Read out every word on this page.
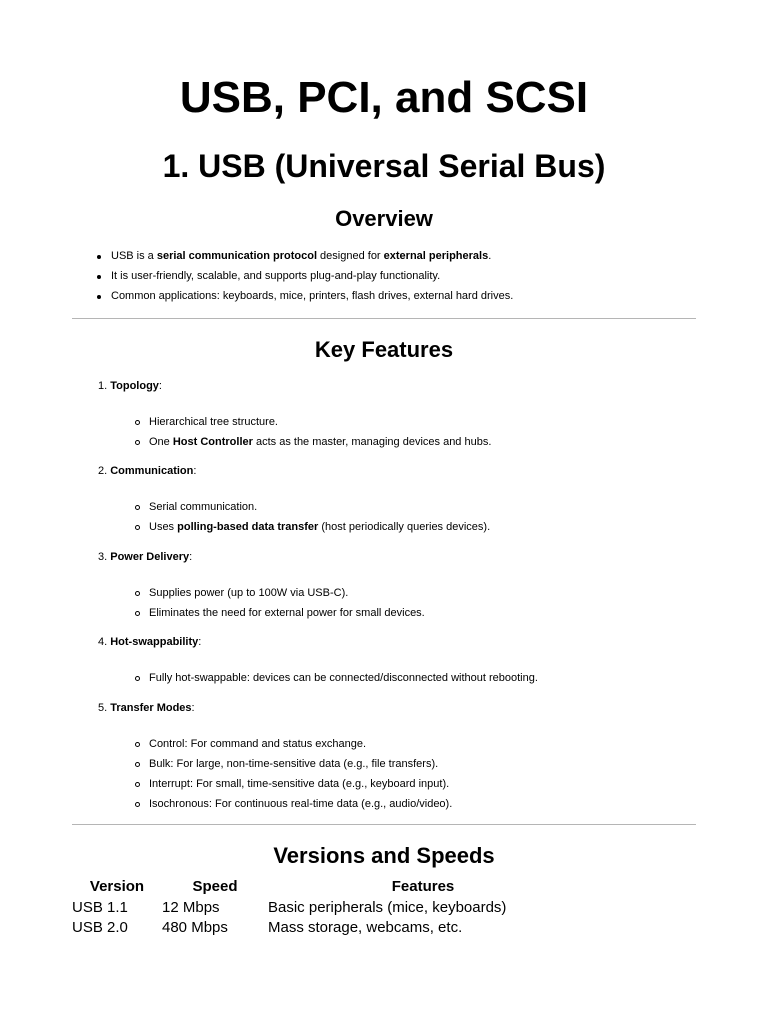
USB, PCI, and SCSI
1. USB (Universal Serial Bus)
Overview
USB is a serial communication protocol designed for external peripherals.
It is user-friendly, scalable, and supports plug-and-play functionality.
Common applications: keyboards, mice, printers, flash drives, external hard drives.
Key Features
1. Topology:
Hierarchical tree structure.
One Host Controller acts as the master, managing devices and hubs.
2. Communication:
Serial communication.
Uses polling-based data transfer (host periodically queries devices).
3. Power Delivery:
Supplies power (up to 100W via USB-C).
Eliminates the need for external power for small devices.
4. Hot-swappability:
Fully hot-swappable: devices can be connected/disconnected without rebooting.
5. Transfer Modes:
Control: For command and status exchange.
Bulk: For large, non-time-sensitive data (e.g., file transfers).
Interrupt: For small, time-sensitive data (e.g., keyboard input).
Isochronous: For continuous real-time data (e.g., audio/video).
Versions and Speeds
Version	Speed	Features
USB 1.1	12 Mbps	Basic peripherals (mice, keyboards)
USB 2.0	480 Mbps	Mass storage, webcams, etc.
